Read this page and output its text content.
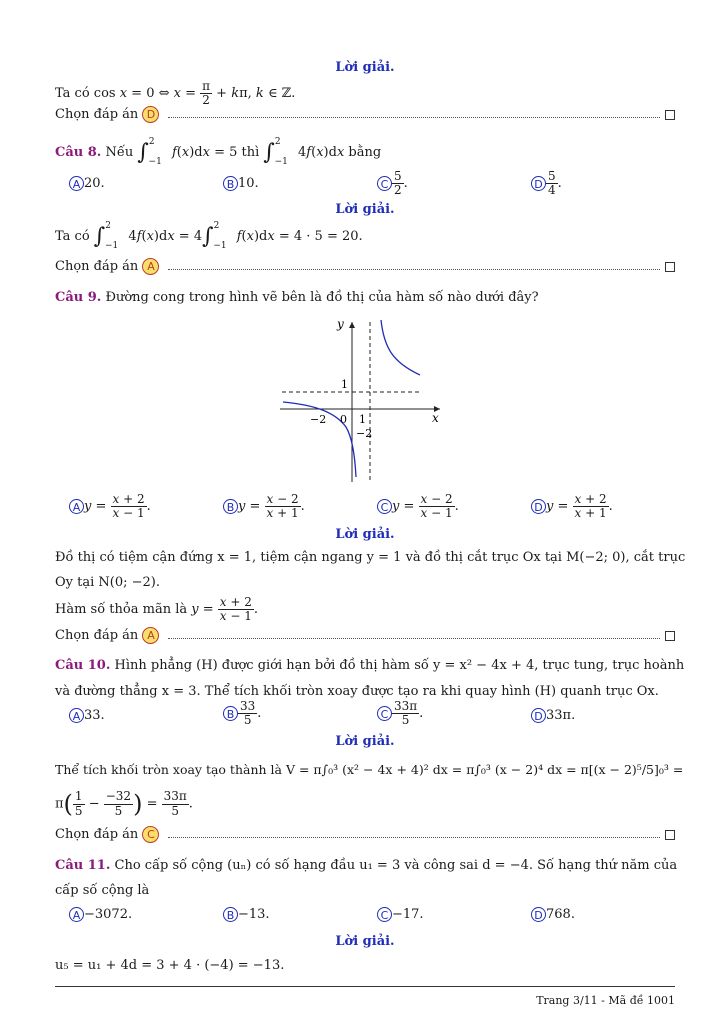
Lời giải.
Ta có cos x = 0 ⇔ $x = \frac{\pi}{2} + k\pi$, k ∈ ℤ.
Chọn đáp án D
Câu 8. Nếu ∫$^2_{-1}$ f(x)dx = 5 thì ∫$^2_{-1}$ 4f(x)dx bằng
A 20.	B 10.	C $\frac{5}{2}$ .	D $\frac{5}{4}$ .
Lời giải.
Ta có ∫$^2_{-1}$ 4f(x)dx = 4∫$^2_{-1}$ f(x)dx = 4 · 5 = 20.
Chọn đáp án A
Câu 9. Đường cong trong hình vẽ bên là đồ thị của hàm số nào dưới đây?
y
x
1
−2 0 1
−2
A $y = \frac{x + 2}{x - 1}$ .	B $y = \frac{x - 2}{x + 1}$ .	C $y = \frac{x - 2}{x - 1}$ .	D $y = \frac{x + 2}{x + 1}$ .
Lời giải.
Đồ thị có tiệm cận đứng x = 1, tiệm cận ngang y = 1 và đồ thị cắt trục Ox tại M(−2; 0), cắt trục
Oy tại N(0; −2).
Hàm số thỏa mãn là $y = \frac{x + 2}{x - 1}$ .
Chọn đáp án A
Câu 10. Hình phẳng (H) được giới hạn bởi đồ thị hàm số y = x² − 4x + 4, trục tung, trục hoành
và đường thẳng x = 3. Thể tích khối tròn xoay được tạo ra khi quay hình (H) quanh trục Ox.
A 33.	B $\frac{33}{5}$ .	C $\frac{33\pi}{5}$ .	D 33π.
Lời giải.
Thể tích khối tròn xoay tạo thành là V = π∫₀³ (x² − 4x + 4)² dx = π∫₀³ (x − 2)⁴ dx = π[(x − 2)⁵/5]₀³ =
$\pi( \frac{1}{5} - \frac{-32}{5}$ ) = $\frac{33\pi}{5}$ .
Chọn đáp án C
Câu 11. Cho cấp số cộng (uₙ) có số hạng đầu u₁ = 3 và công sai d = −4. Số hạng thứ năm của
cấp số cộng là
A −3072.	B −13.	C −17.	D 768.
Lời giải.
u₅ = u₁ + 4d = 3 + 4 · (−4) = −13.
Trang 3/11 - Mã đề 1001
